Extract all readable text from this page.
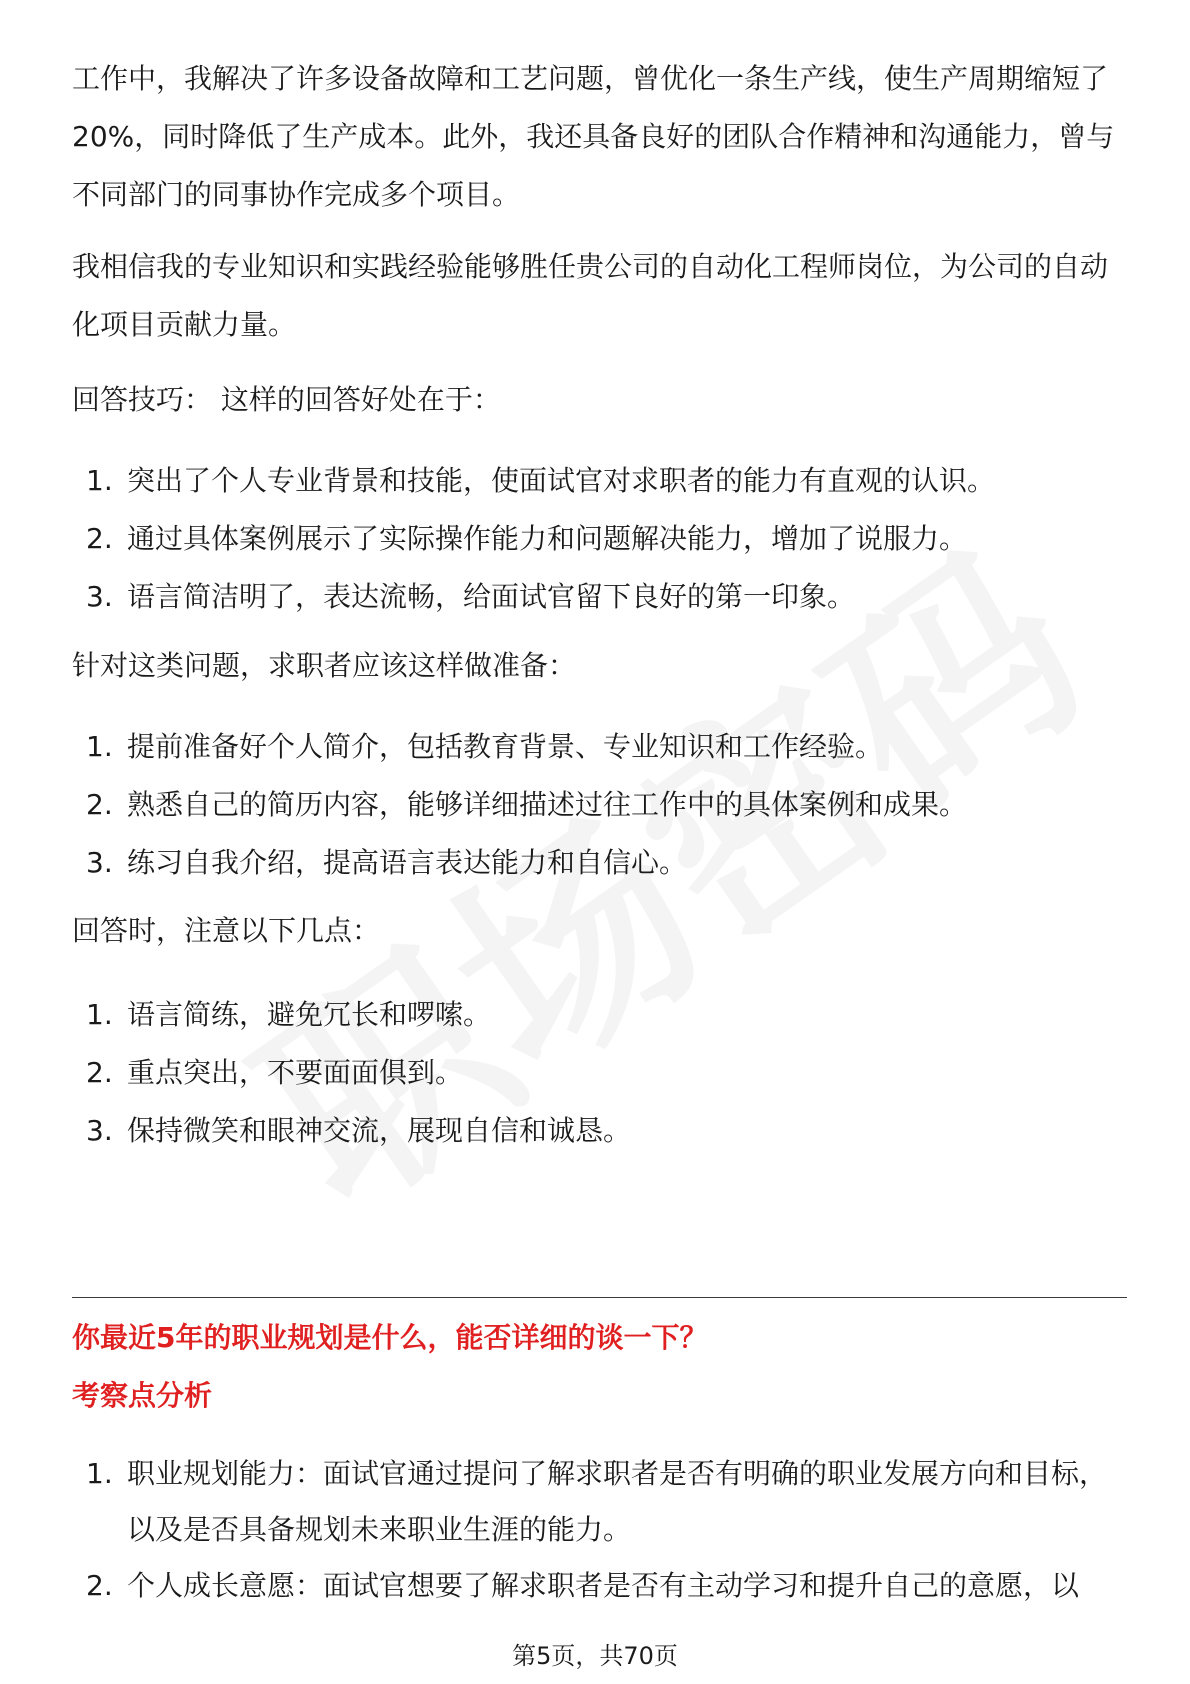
工作中，我解决了许多设备故障和工艺问题，曾优化一条生产线，使生产周期缩短了20%，同时降低了生产成本。此外，我还具备良好的团队合作精神和沟通能力，曾与不同部门的同事协作完成多个项目。

我相信我的专业知识和实践经验能够胜任贵公司的自动化工程师岗位，为公司的自动化项目贡献力量。

回答技巧： 这样的回答好处在于：

1. 突出了个人专业背景和技能，使面试官对求职者的能力有直观的认识。
2. 通过具体案例展示了实际操作能力和问题解决能力，增加了说服力。
3. 语言简洁明了，表达流畅，给面试官留下良好的第一印象。

针对这类问题，求职者应该这样做准备：

1. 提前准备好个人简介，包括教育背景、专业知识和工作经验。
2. 熟悉自己的简历内容，能够详细描述过往工作中的具体案例和成果。
3. 练习自我介绍，提高语言表达能力和自信心。

回答时，注意以下几点：

1. 语言简练，避免冗长和啰嗦。
2. 重点突出，不要面面俱到。
3. 保持微笑和眼神交流，展现自信和诚恳。
你最近5年的职业规划是什么，能否详细的谈一下？
考察点分析
1. 职业规划能力：面试官通过提问了解求职者是否有明确的职业发展方向和目标，以及是否具备规划未来职业生涯的能力。
2. 个人成长意愿：面试官想要了解求职者是否有主动学习和提升自己的意愿，以
第5页，共70页
